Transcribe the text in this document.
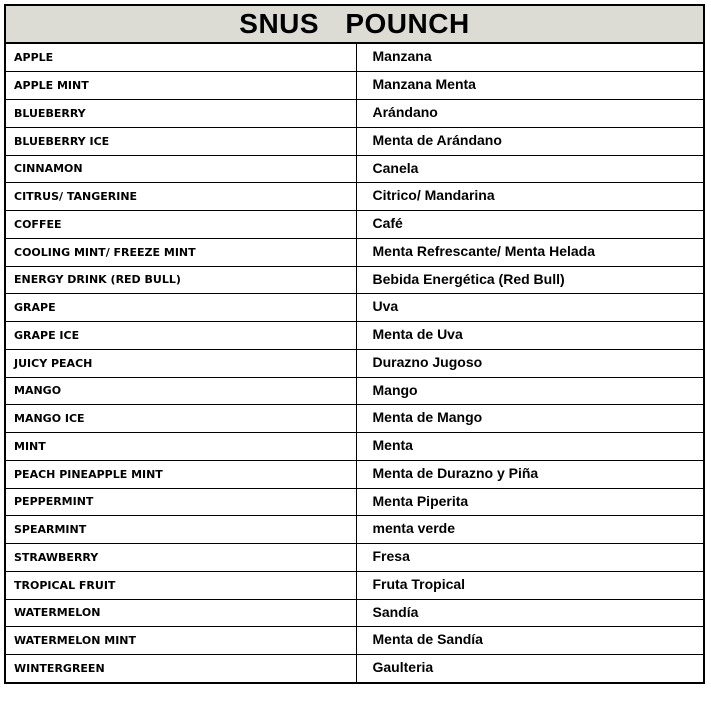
SNUS POUNCH
APPLE	Manzana
APPLE MINT	Manzana Menta
BLUEBERRY	Arándano
BLUEBERRY ICE	Menta de Arándano
CINNAMON	Canela
CITRUS/ TANGERINE	Citrico/ Mandarina
COFFEE	Café
COOLING MINT/ FREEZE MINT	Menta Refrescante/ Menta Helada
ENERGY DRINK (RED BULL)	Bebida Energética (Red Bull)
GRAPE	Uva
GRAPE ICE	Menta de Uva
JUICY PEACH	Durazno Jugoso
MANGO	Mango
MANGO ICE	Menta de Mango
MINT	Menta
PEACH PINEAPPLE MINT	Menta de Durazno y Piña
PEPPERMINT	Menta Piperita
SPEARMINT	menta verde
STRAWBERRY	Fresa
TROPICAL FRUIT	Fruta Tropical
WATERMELON	Sandía
WATERMELON MINT	Menta de Sandía
WINTERGREEN	Gaulteria
